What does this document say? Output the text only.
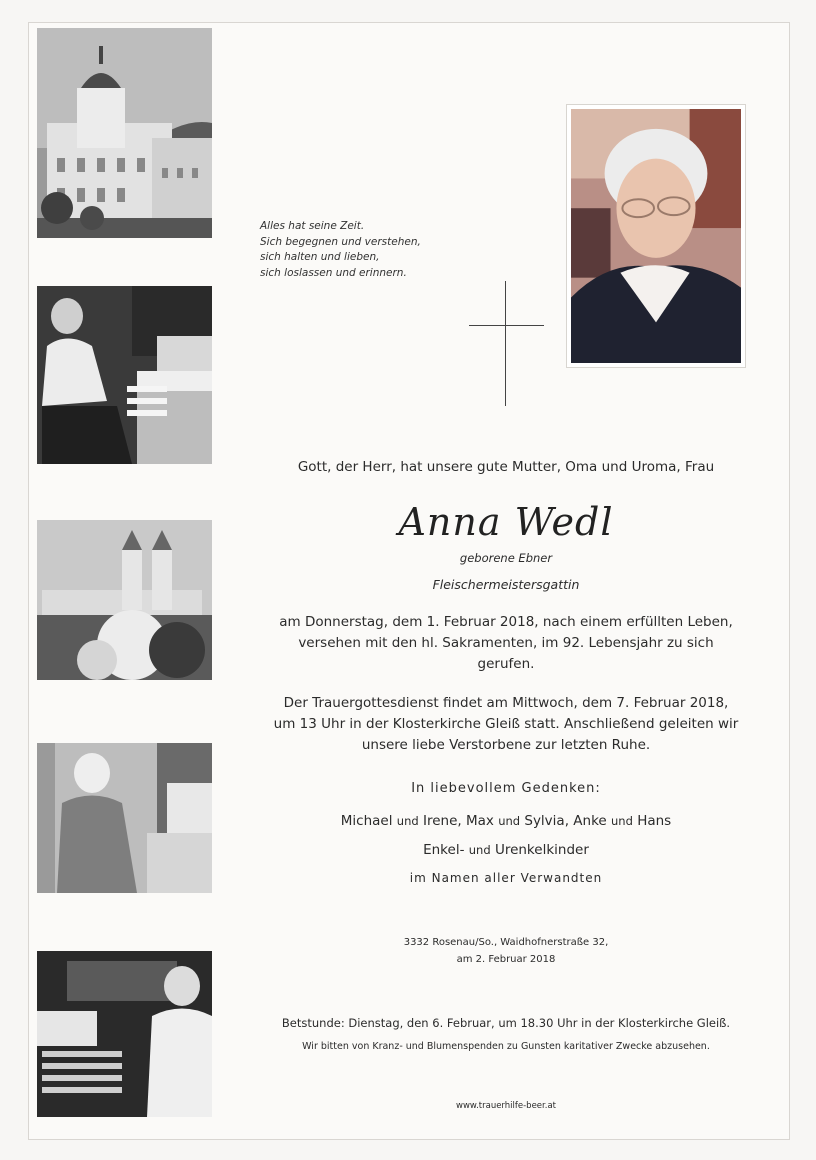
Alles hat seine Zeit.
Sich begegnen und verstehen,
sich halten und lieben,
sich loslassen und erinnern.
Gott, der Herr, hat unsere gute Mutter, Oma und Uroma, Frau
Anna Wedl
geborene Ebner
Fleischermeistersgattin
am Donnerstag, dem 1. Februar 2018, nach einem erfüllten Leben,
versehen mit den hl. Sakramenten, im 92. Lebensjahr zu sich
gerufen.
Der Trauergottesdienst findet am Mittwoch, dem 7. Februar 2018,
um 13 Uhr in der Klosterkirche Gleiß statt. Anschließend geleiten wir
unsere liebe Verstorbene zur letzten Ruhe.
In liebevollem Gedenken:
Michael und Irene, Max und Sylvia, Anke und Hans
Enkel- und Urenkelkinder
im Namen aller Verwandten
3332 Rosenau/So., Waidhofnerstraße 32,
am 2. Februar 2018
Betstunde: Dienstag, den 6. Februar, um 18.30 Uhr in der Klosterkirche Gleiß.
Wir bitten von Kranz- und Blumenspenden zu Gunsten karitativer Zwecke abzusehen.
www.trauerhilfe-beer.at
